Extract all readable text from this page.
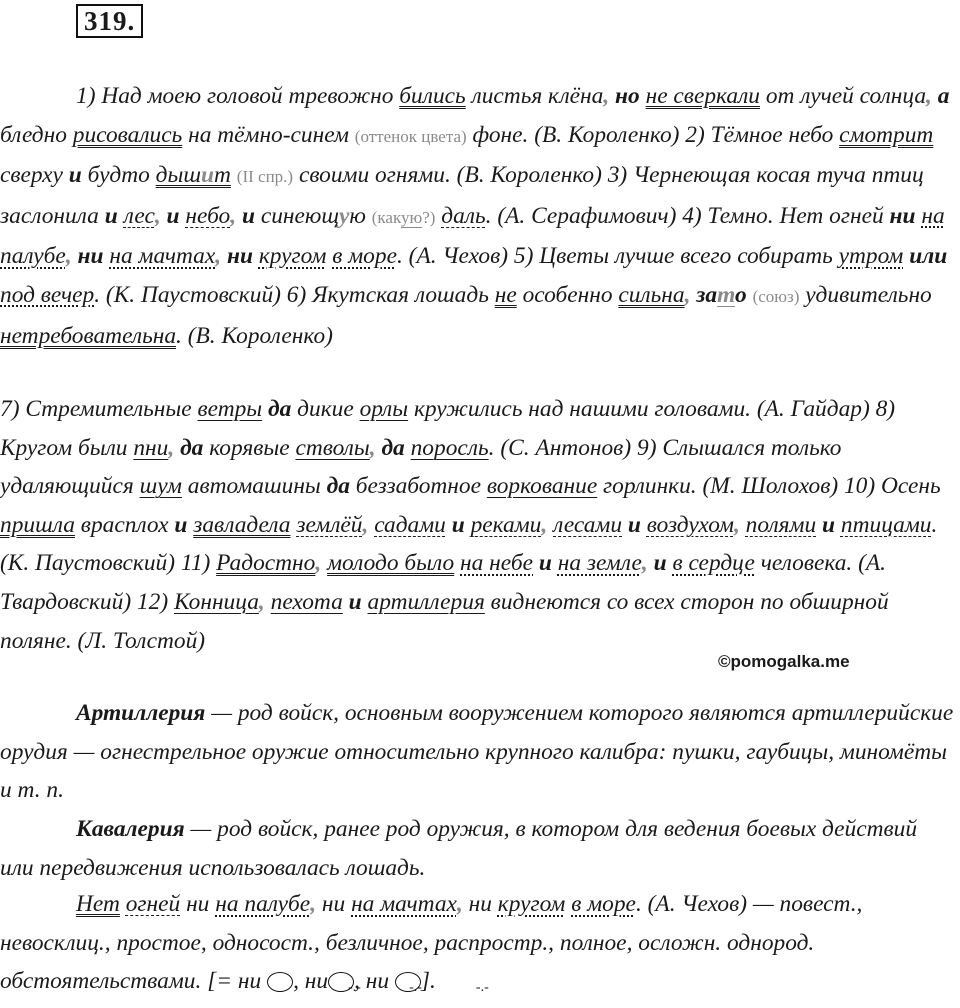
319.
1) Над моею головой тревожно бились листья клёна, но не сверкали от лучей солнца, а бледно рисовались на тёмно-синем (оттенок цвета) фоне. (В. Короленко) 2) Тёмное небо смотрит сверху и будто дышит (II спр.) своими огнями. (В. Короленко) 3) Чернеющая косая туча птиц заслонила и лес, и небо, и синеющую (какую?) даль. (А. Серафимович) 4) Темно. Нет огней ни на палубе, ни на мачтах, ни кругом в море. (А. Чехов) 5) Цветы лучше всего собирать утром или под вечер. (К. Паустовский) 6) Якутская лошадь не особенно сильна, зато (союз) удивительно нетребовательна. (В. Короленко)
7) Стремительные ветры да дикие орлы кружились над нашими головами. (А. Гайдар) 8) Кругом были пни, да корявые стволы, да поросль. (С. Антонов) 9) Слышался только удаляющийся шум автомашины да беззаботное воркование горлинки. (М. Шолохов) 10) Осень пришла врасплох и завладела землёй, садами и реками, лесами и воздухом, полями и птицами. (К. Паустовский) 11) Радостно, молодо было на небе и на земле, и в сердце человека. (А. Твардовский) 12) Конница, пехота и артиллерия виднеются со всех сторон по обширной поляне. (Л. Толстой)
©pomogalka.me
Артиллерия — род войск, основным вооружением которого являются артиллерийские орудия — огнестрельное оружие относительно крупного калибра: пушки, гаубицы, миномёты и т. п.
Кавалерия — род войск, ранее род оружия, в котором для ведения боевых действий или передвижения использовалась лошадь.
Нет огней ни на палубе, ни на мачтах, ни кругом в море. (А. Чехов) — повест., невосклиц., простое, односост., безличное, распростр., полное, осложн. однород. обстоятельствами. [= ни -.-, ни-.- , ни -.-].
